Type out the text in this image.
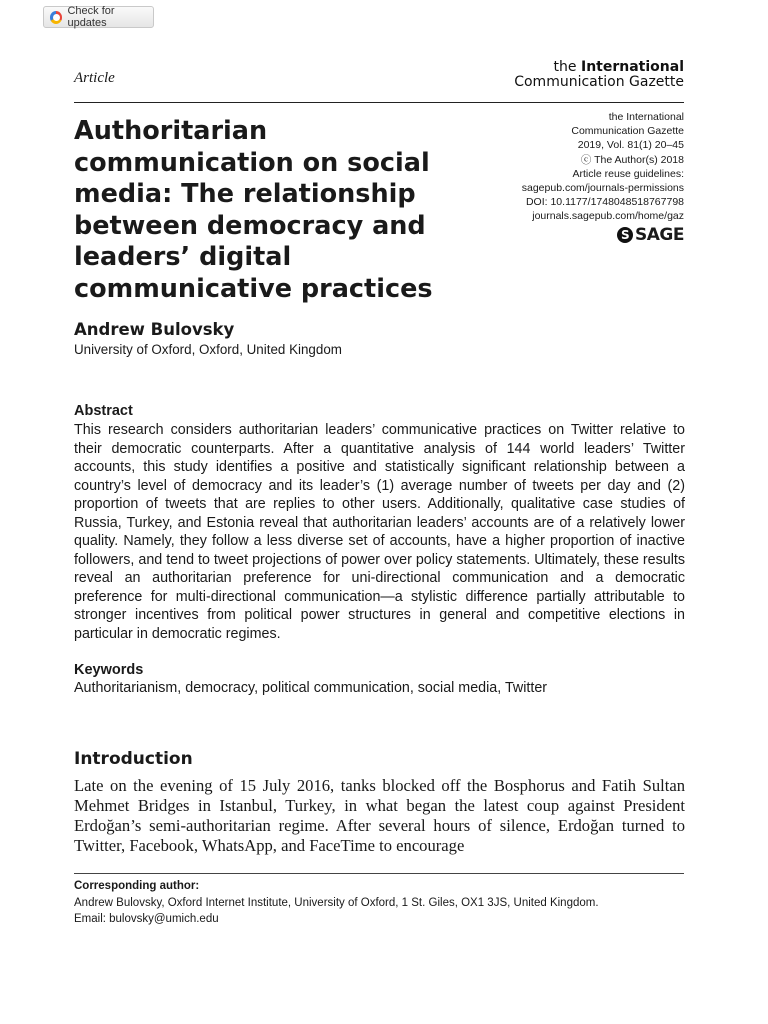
Check for updates
Article
the International
Communication Gazette
Authoritarian communication on social media: The relationship between democracy and leaders’ digital communicative practices
the International
Communication Gazette
2019, Vol. 81(1) 20–45
ⓒ The Author(s) 2018
Article reuse guidelines:
sagepub.com/journals-permissions
DOI: 10.1177/1748048518767798
journals.sagepub.com/home/gaz
S SAGE
Andrew Bulovsky
University of Oxford, Oxford, United Kingdom
Abstract

This research considers authoritarian leaders’ communicative practices on Twitter relative to their democratic counterparts. After a quantitative analysis of 144 world leaders’ Twitter accounts, this study identifies a positive and statistically significant relationship between a country’s level of democracy and its leader’s (1) average number of tweets per day and (2) proportion of tweets that are replies to other users. Additionally, qualitative case studies of Russia, Turkey, and Estonia reveal that authoritarian leaders’ accounts are of a relatively lower quality. Namely, they follow a less diverse set of accounts, have a higher proportion of inactive followers, and tend to tweet projections of power over policy statements. Ultimately, these results reveal an authoritarian preference for uni-directional communication and a democratic preference for multi-directional communication—a stylistic difference partially attributable to stronger incentives from political power structures in general and competitive elections in particular in democratic regimes.

Keywords
Authoritarianism, democracy, political communication, social media, Twitter
Introduction

Late on the evening of 15 July 2016, tanks blocked off the Bosphorus and Fatih Sultan Mehmet Bridges in Istanbul, Turkey, in what began the latest coup against President Erdoğan’s semi-authoritarian regime. After several hours of silence, Erdoğan turned to Twitter, Facebook, WhatsApp, and FaceTime to encourage

Corresponding author:
Andrew Bulovsky, Oxford Internet Institute, University of Oxford, 1 St. Giles, OX1 3JS, United Kingdom.
Email: bulovsky@umich.edu
